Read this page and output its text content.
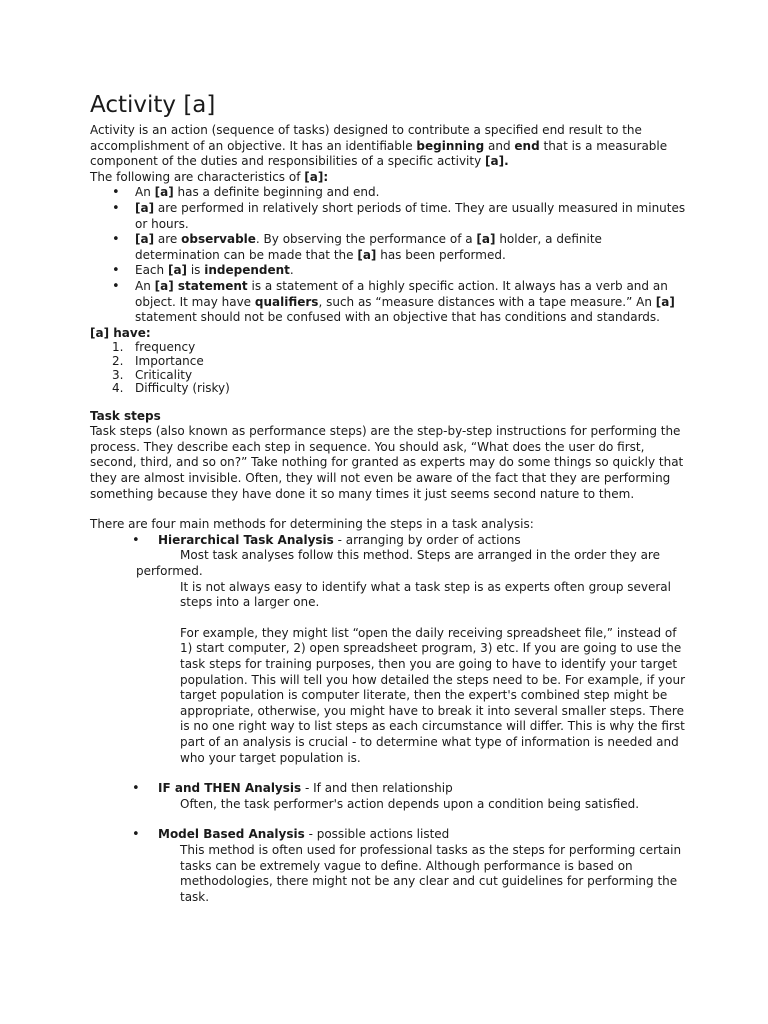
Activity [a]

Activity is an action (sequence of tasks) designed to contribute a specified end result to the accomplishment of an objective. It has an identifiable beginning and end that is a measurable component of the duties and responsibilities of a specific activity [a].

The following are characteristics of [a]:

• An [a] has a definite beginning and end.
• [a] are performed in relatively short periods of time. They are usually measured in minutes or hours.
• [a] are observable. By observing the performance of a [a] holder, a definite determination can be made that the [a] has been performed.
• Each [a] is independent.
• An [a] statement is a statement of a highly specific action. It always has a verb and an object. It may have qualifiers, such as “measure distances with a tape measure.” An [a] statement should not be confused with an objective that has conditions and standards.

[a] have:

1. frequency
2. Importance
3. Criticality
4. Difficulty (risky)

Task steps

Task steps (also known as performance steps) are the step-by-step instructions for performing the process. They describe each step in sequence. You should ask, “What does the user do first, second, third, and so on?” Take nothing for granted as experts may do some things so quickly that they are almost invisible. Often, they will not even be aware of the fact that they are performing something because they have done it so many times it just seems second nature to them.

There are four main methods for determining the steps in a task analysis:

• Hierarchical Task Analysis - arranging by order of actions

Most task analyses follow this method. Steps are arranged in the order they are performed.

It is not always easy to identify what a task step is as experts often group several steps into a larger one.

For example, they might list “open the daily receiving spreadsheet file,” instead of 1) start computer, 2) open spreadsheet program, 3) etc. If you are going to use the task steps for training purposes, then you are going to have to identify your target population. This will tell you how detailed the steps need to be. For example, if your target population is computer literate, then the expert's combined step might be appropriate, otherwise, you might have to break it into several smaller steps. There is no one right way to list steps as each circumstance will differ. This is why the first part of an analysis is crucial - to determine what type of information is needed and who your target population is.

• IF and THEN Analysis - If and then relationship

Often, the task performer's action depends upon a condition being satisfied.

• Model Based Analysis - possible actions listed

This method is often used for professional tasks as the steps for performing certain tasks can be extremely vague to define. Although performance is based on methodologies, there might not be any clear and cut guidelines for performing the task.
